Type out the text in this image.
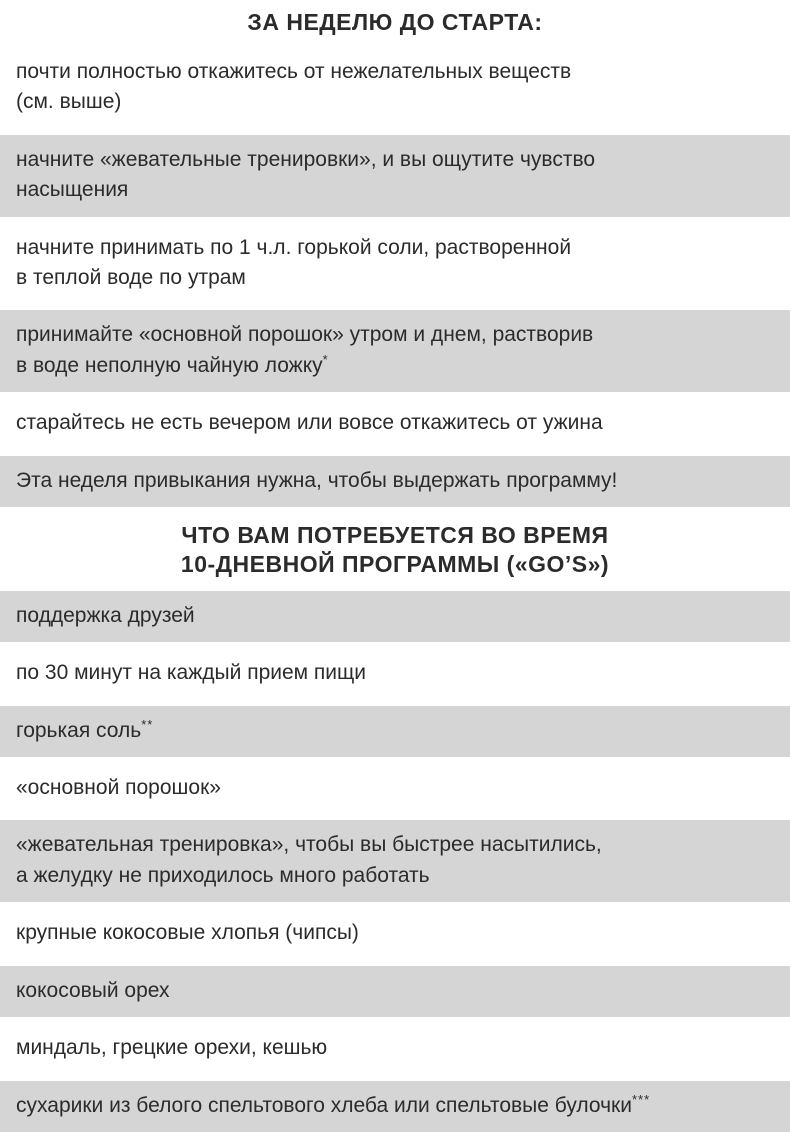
ЗА НЕДЕЛЮ ДО СТАРТА:
почти полностью откажитесь от нежелательных веществ
(см. выше)
начните «жевательные тренировки», и вы ощутите чувство
насыщения
начните принимать по 1 ч.л. горькой соли, растворенной
в теплой воде по утрам
принимайте «основной порошок» утром и днем, растворив
в воде неполную чайную ложку*
старайтесь не есть вечером или вовсе откажитесь от ужина
Эта неделя привыкания нужна, чтобы выдержать программу!
ЧТО ВАМ ПОТРЕБУЕТСЯ ВО ВРЕМЯ
10-ДНЕВНОЙ ПРОГРАММЫ («GO’S»)
поддержка друзей
по 30 минут на каждый прием пищи
горькая соль**
«основной порошок»
«жевательная тренировка», чтобы вы быстрее насытились,
а желудку не приходилось много работать
крупные кокосовые хлопья (чипсы)
кокосовый орех
миндаль, грецкие орехи, кешью
сухарики из белого спельтового хлеба или спельтовые булочки***
